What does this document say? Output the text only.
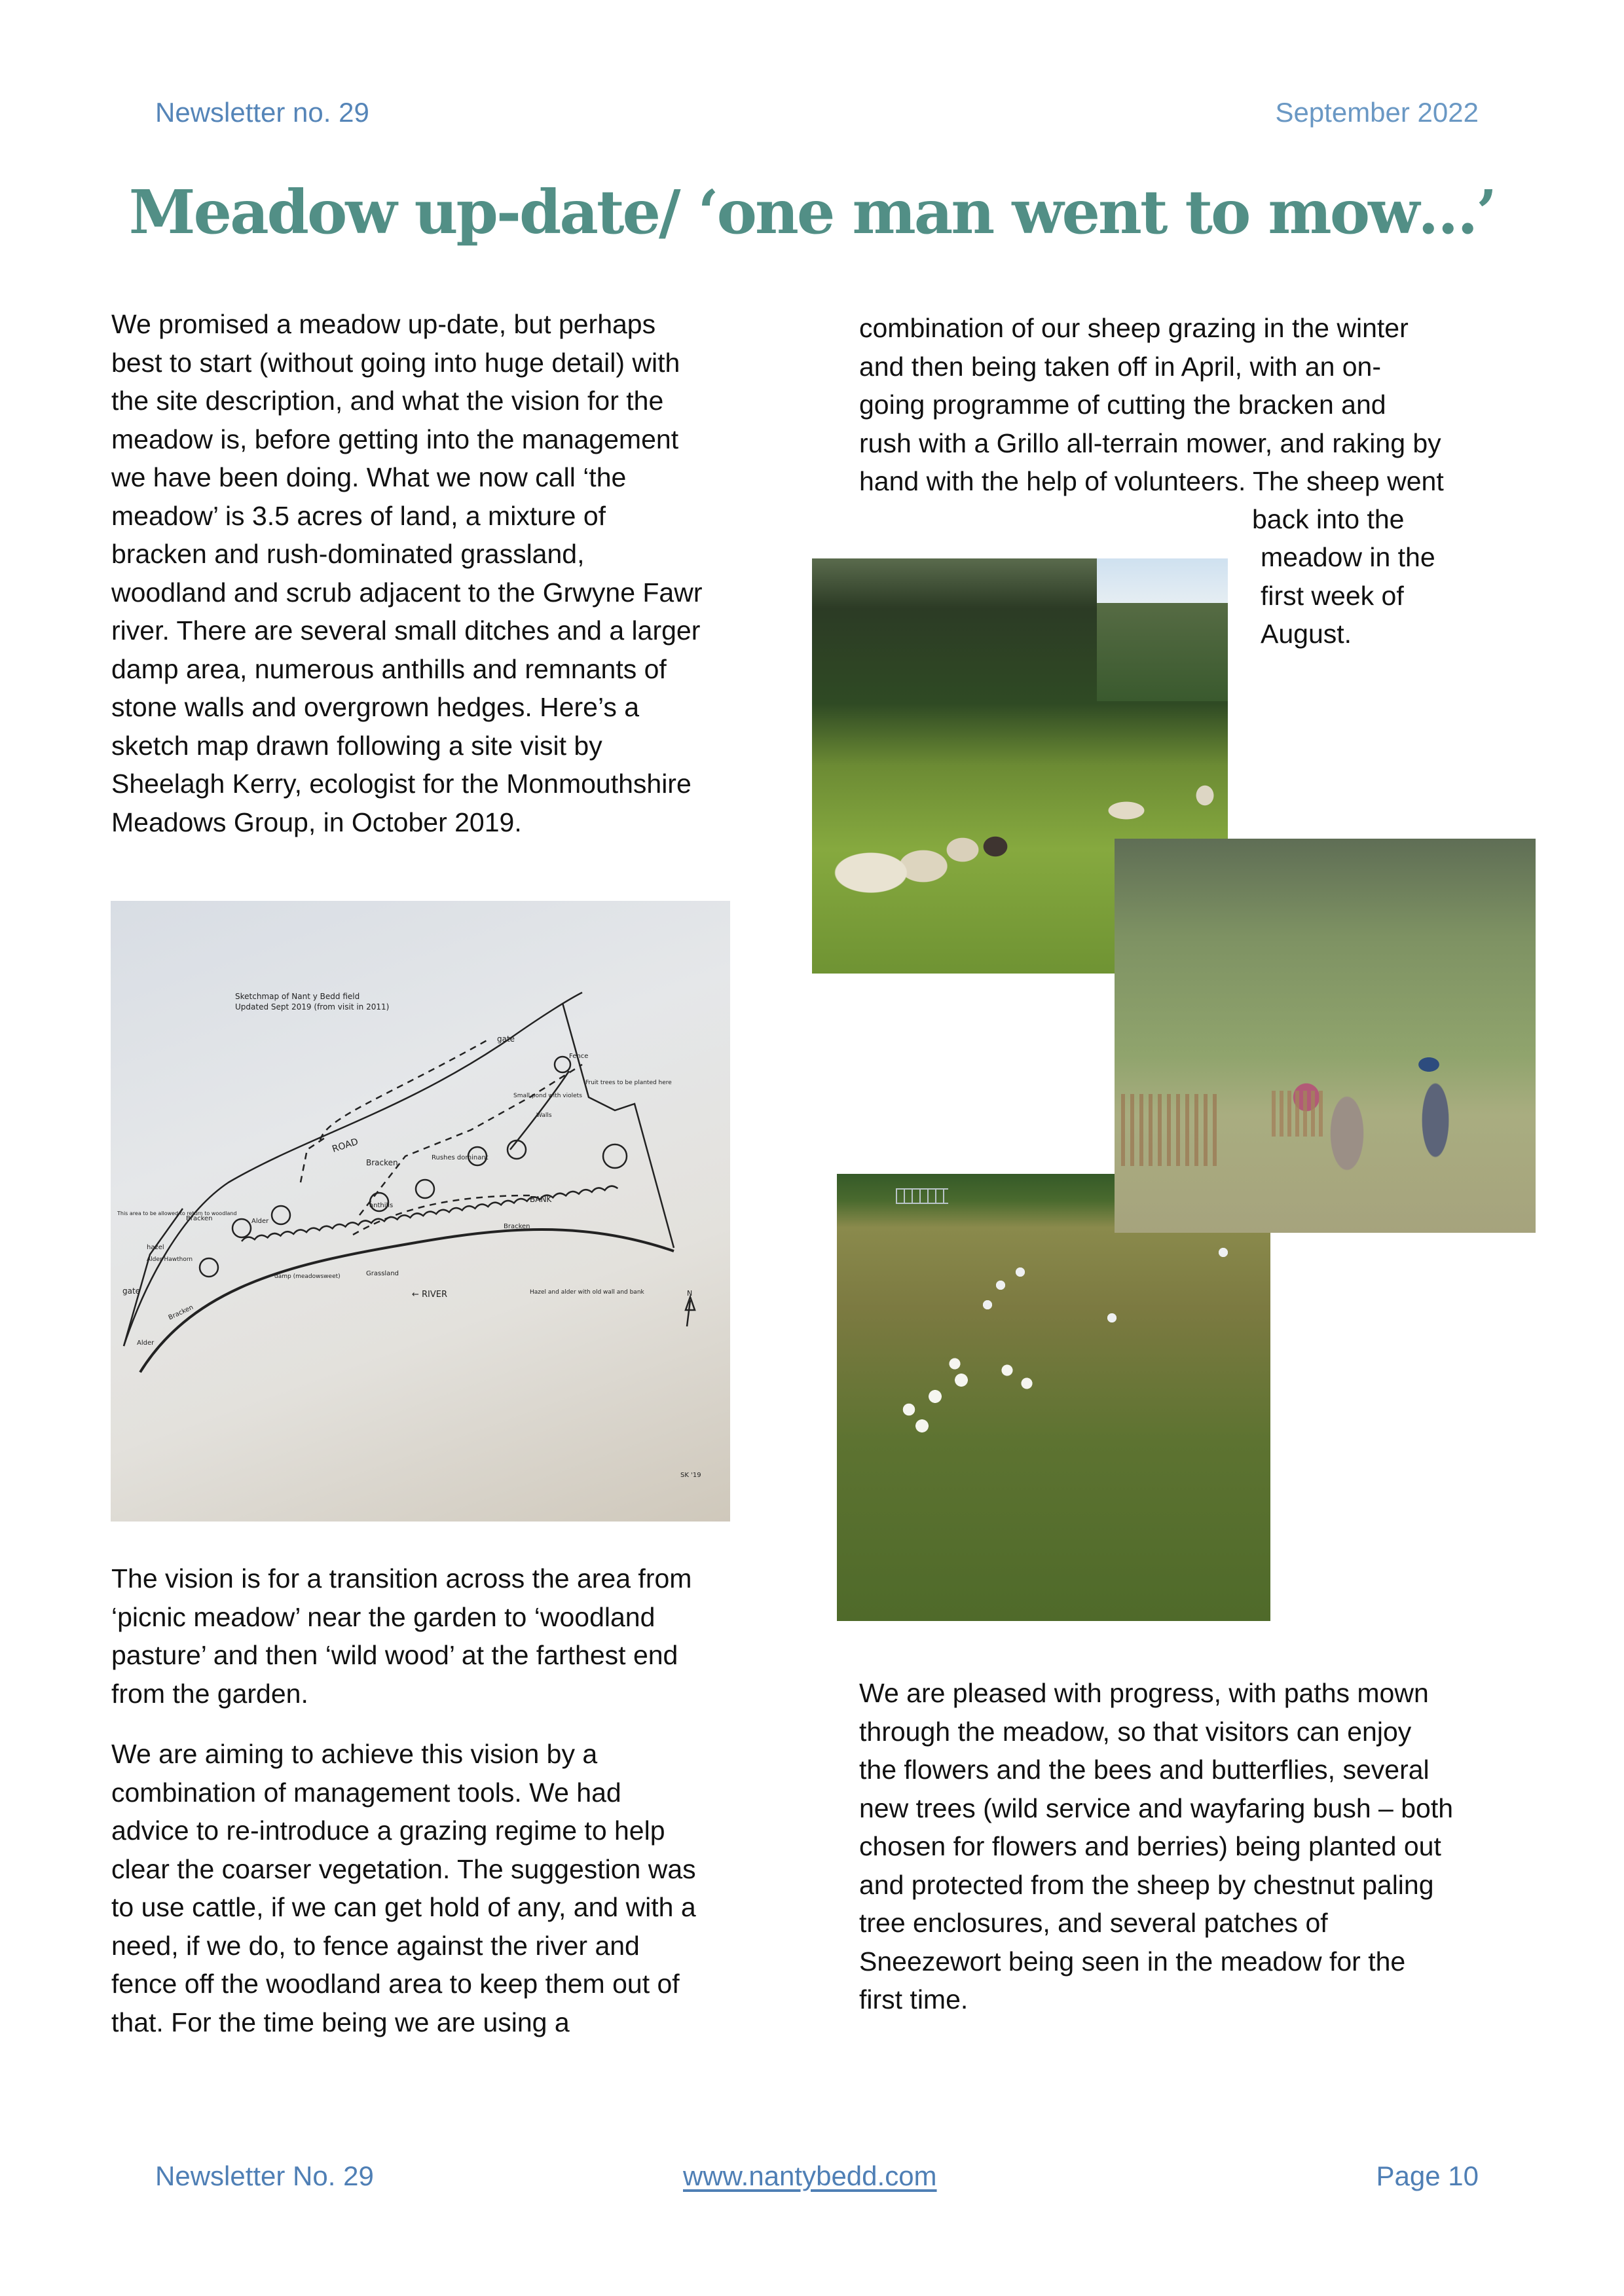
Newsletter no. 29	September 2022
Meadow up-date/ ‘one man went to mow…’

We promised a meadow up-date, but perhaps
best to start (without going into huge detail) with
the site description, and what the vision for the
meadow is, before getting into the management
we have been doing. What we now call ‘the
meadow’ is 3.5 acres of land, a mixture of
bracken and rush-dominated grassland,
woodland and scrub adjacent to the Grwyne Fawr
river. There are several small ditches and a larger
damp area, numerous anthills and remnants of
stone walls and overgrown hedges. Here’s a
sketch map drawn following a site visit by
Sheelagh Kerry, ecologist for the Monmouthshire
Meadows Group, in October 2019.

combination of our sheep grazing in the winter
and then being taken off in April, with an on-
going programme of cutting the bracken and
rush with a Grillo all-terrain mower, and raking by
hand with the help of volunteers. The sheep went

back into the

meadow in the
first week of
August.

Sketchmap of Nant y Bedd field
Updated Sept 2019 (from visit in 2011)
ROAD
gate
Fence
Fruit trees to be planted here
Small pond with violets
Bracken
Rushes dominant
anthills
BANK
Walls
This area to be allowed to return to woodland
Bracken	Alder
hazel
Alder Hawthorn
gate
damp (meadowsweet)	Grassland
Bracken
Bracken
← RIVER	Hazel and alder with old wall and bank
Alder
N
SK '19

The vision is for a transition across the area from
‘picnic meadow’ near the garden to ‘woodland
pasture’ and then ‘wild wood’ at the farthest end
from the garden.

We are aiming to achieve this vision by a
combination of management tools. We had
advice to re-introduce a grazing regime to help
clear the coarser vegetation. The suggestion was
to use cattle, if we can get hold of any, and with a
need, if we do, to fence against the river and
fence off the woodland area to keep them out of
that. For the time being we are using a

We are pleased with progress, with paths mown
through the meadow, so that visitors can enjoy
the flowers and the bees and butterflies, several
new trees (wild service and wayfaring bush – both
chosen for flowers and berries) being planted out
and protected from the sheep by chestnut paling
tree enclosures, and several patches of
Sneezewort being seen in the meadow for the
first time.

Newsletter No. 29	www.nantybedd.com	Page 10
